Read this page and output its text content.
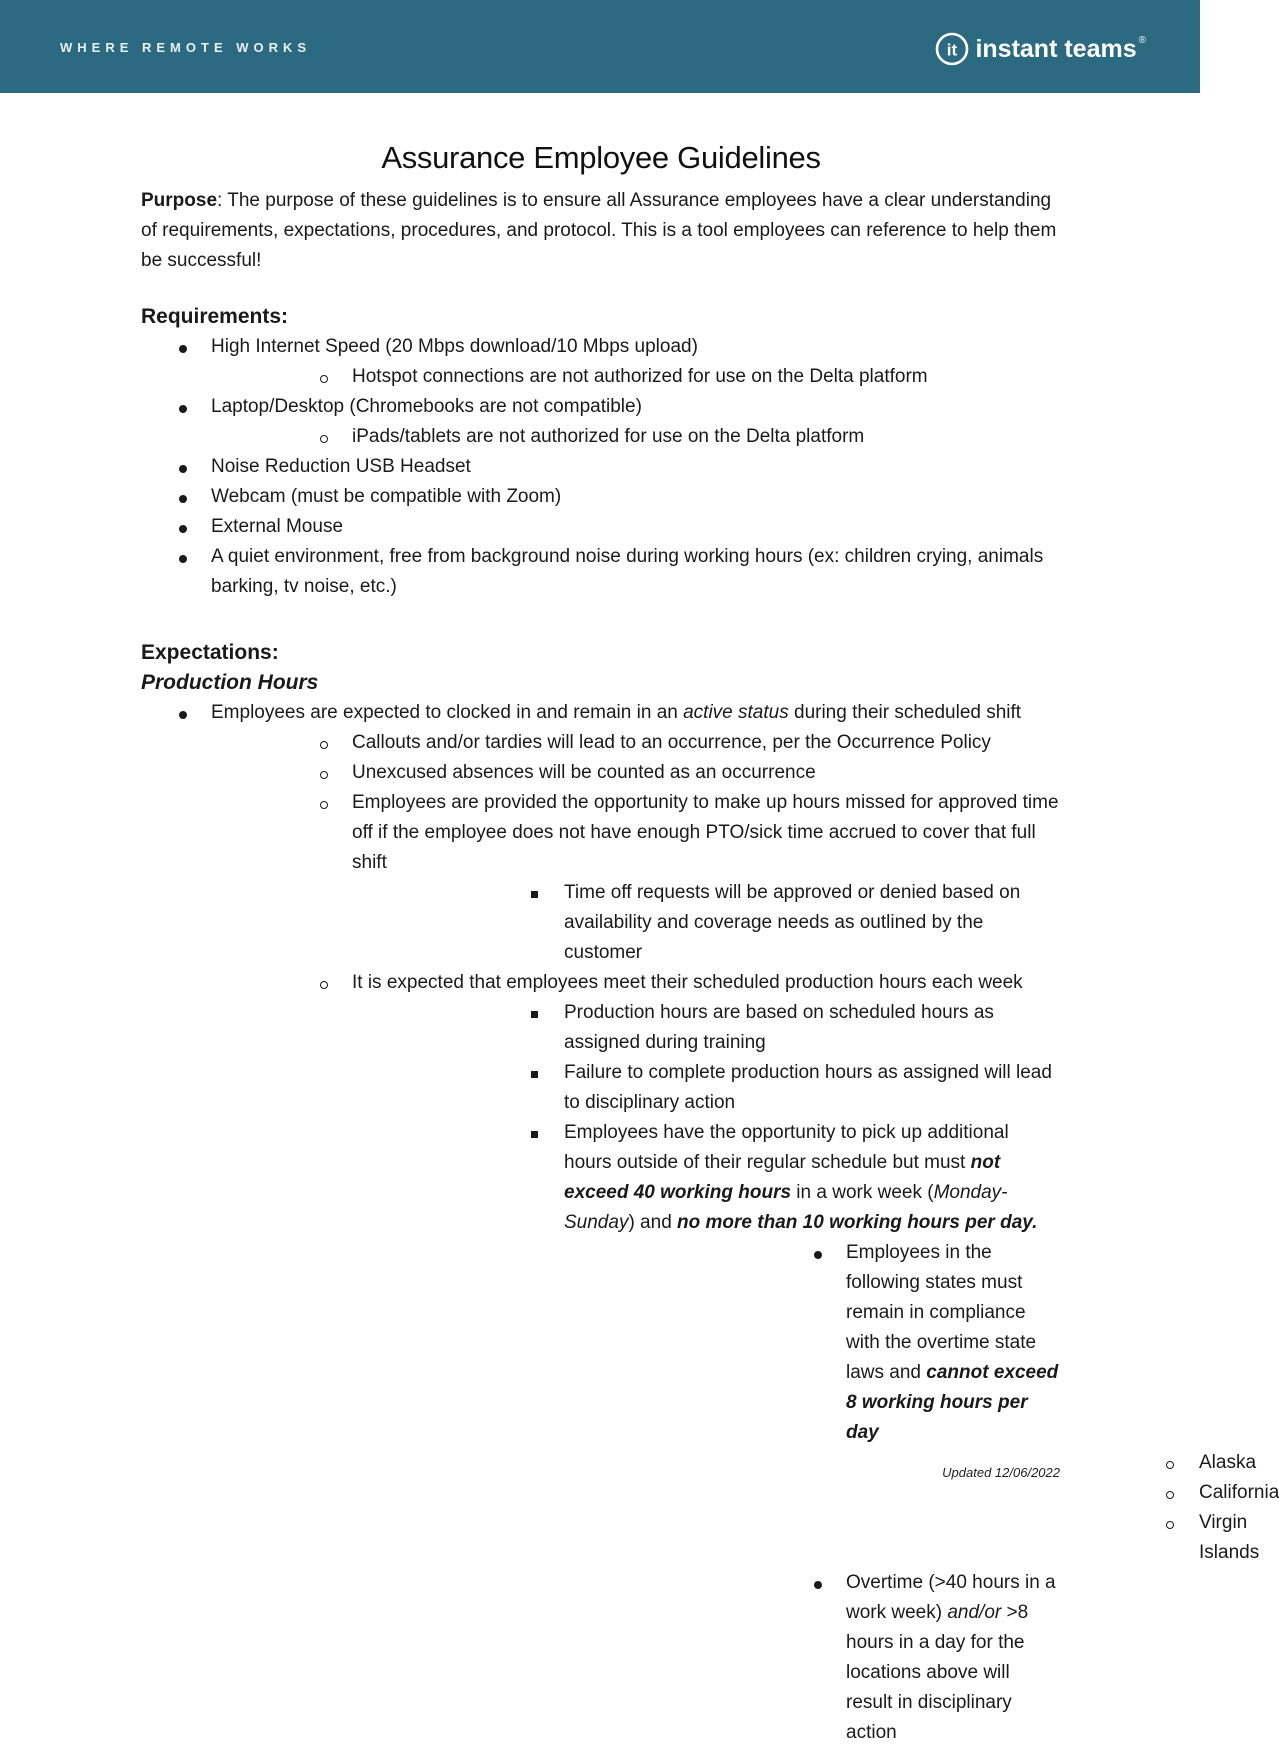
WHERE REMOTE WORKS	it instant teams ®
Assurance Employee Guidelines

Purpose: The purpose of these guidelines is to ensure all Assurance employees have a clear understanding of requirements, expectations, procedures, and protocol. This is a tool employees can reference to help them be successful!

Requirements:
High Internet Speed (20 Mbps download/10 Mbps upload)
Hotspot connections are not authorized for use on the Delta platform
Laptop/Desktop (Chromebooks are not compatible)
iPads/tablets are not authorized for use on the Delta platform
Noise Reduction USB Headset
Webcam (must be compatible with Zoom)
External Mouse
A quiet environment, free from background noise during working hours (ex: children crying, animals barking, tv noise, etc.)
Expectations:
Production Hours
Employees are expected to clocked in and remain in an active status during their scheduled shift
Callouts and/or tardies will lead to an occurrence, per the Occurrence Policy
Unexcused absences will be counted as an occurrence
Employees are provided the opportunity to make up hours missed for approved time off if the employee does not have enough PTO/sick time accrued to cover that full shift
Time off requests will be approved or denied based on availability and coverage needs as outlined by the customer
It is expected that employees meet their scheduled production hours each week
Production hours are based on scheduled hours as assigned during training
Failure to complete production hours as assigned will lead to disciplinary action
Employees have the opportunity to pick up additional hours outside of their regular schedule but must not exceed 40 working hours in a work week (Monday-Sunday) and no more than 10 working hours per day.
Employees in the following states must remain in compliance with the overtime state laws and cannot exceed 8 working hours per day
Alaska
California
Virgin Islands
Overtime (>40 hours in a work week) and/or >8 hours in a day for the locations above will result in disciplinary action
Updated 12/06/2022
